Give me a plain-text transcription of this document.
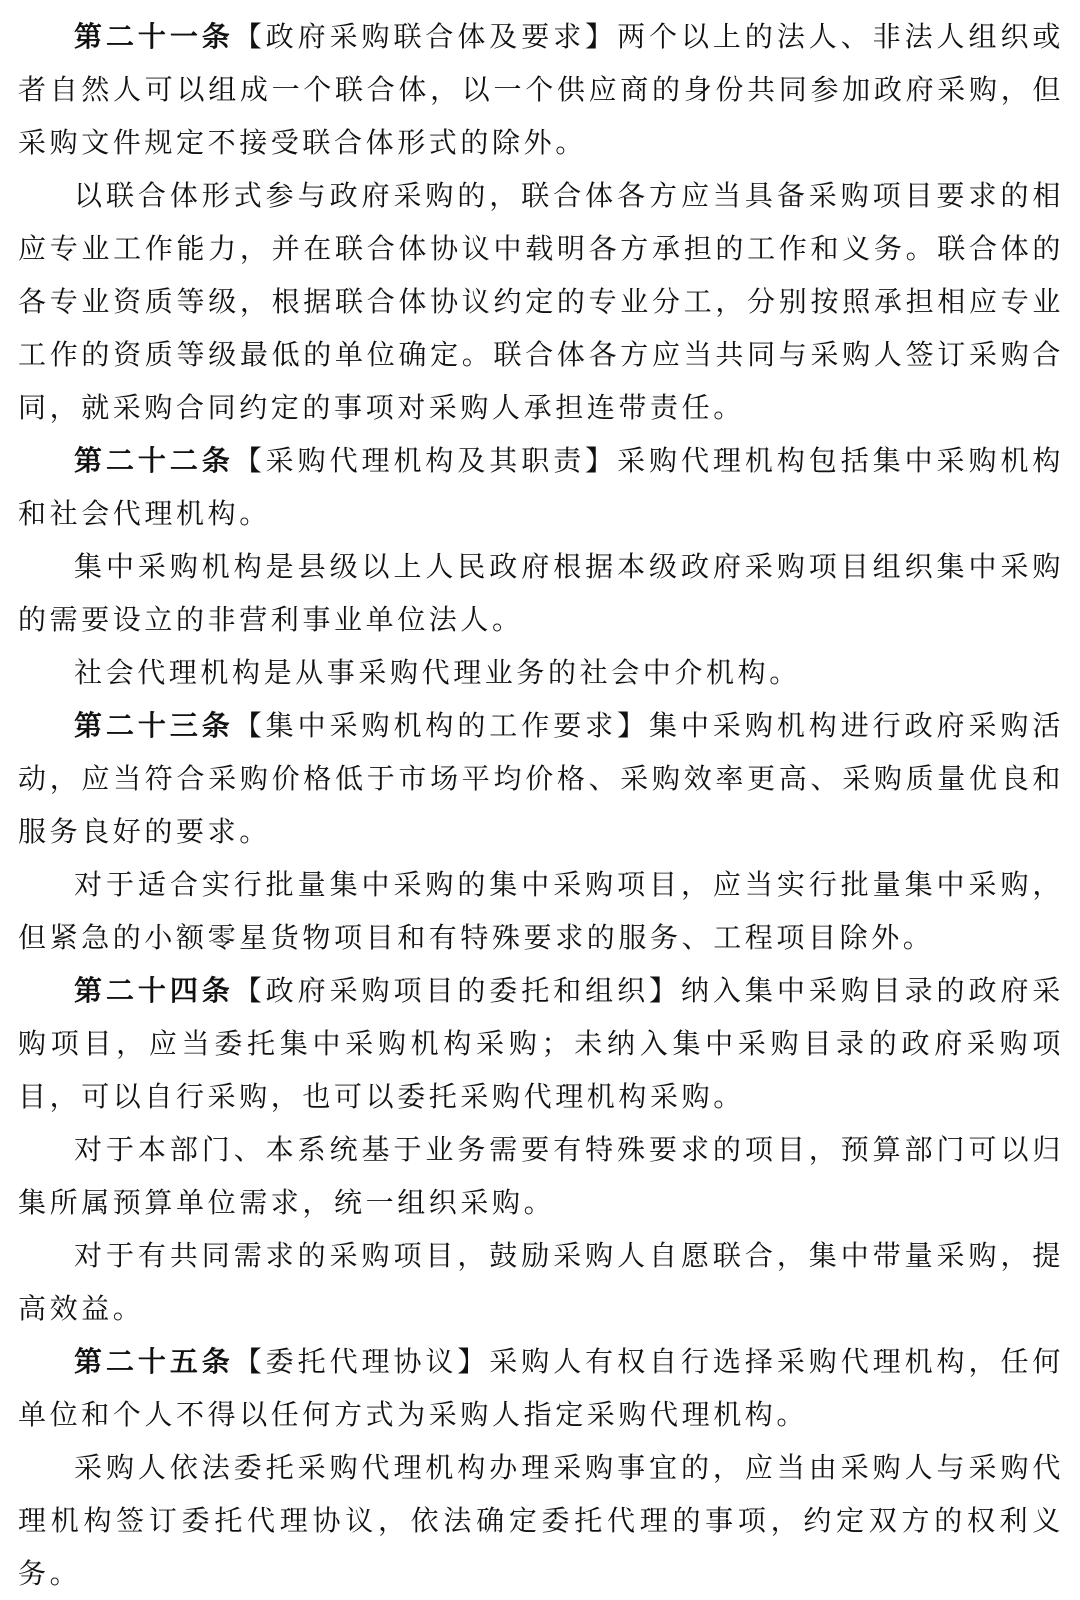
第二十一条【政府采购联合体及要求】两个以上的法人、非法人组织或者自然人可以组成一个联合体，以一个供应商的身份共同参加政府采购，但采购文件规定不接受联合体形式的除外。

以联合体形式参与政府采购的，联合体各方应当具备采购项目要求的相应专业工作能力，并在联合体协议中载明各方承担的工作和义务。联合体的各专业资质等级，根据联合体协议约定的专业分工，分别按照承担相应专业工作的资质等级最低的单位确定。联合体各方应当共同与采购人签订采购合同，就采购合同约定的事项对采购人承担连带责任。

第二十二条【采购代理机构及其职责】采购代理机构包括集中采购机构和社会代理机构。

集中采购机构是县级以上人民政府根据本级政府采购项目组织集中采购的需要设立的非营利事业单位法人。

社会代理机构是从事采购代理业务的社会中介机构。

第二十三条【集中采购机构的工作要求】集中采购机构进行政府采购活动，应当符合采购价格低于市场平均价格、采购效率更高、采购质量优良和服务良好的要求。

对于适合实行批量集中采购的集中采购项目，应当实行批量集中采购，但紧急的小额零星货物项目和有特殊要求的服务、工程项目除外。

第二十四条【政府采购项目的委托和组织】纳入集中采购目录的政府采购项目，应当委托集中采购机构采购；未纳入集中采购目录的政府采购项目，可以自行采购，也可以委托采购代理机构采购。

对于本部门、本系统基于业务需要有特殊要求的项目，预算部门可以归集所属预算单位需求，统一组织采购。

对于有共同需求的采购项目，鼓励采购人自愿联合，集中带量采购，提高效益。

第二十五条【委托代理协议】采购人有权自行选择采购代理机构，任何单位和个人不得以任何方式为采购人指定采购代理机构。

采购人依法委托采购代理机构办理采购事宜的，应当由采购人与采购代理机构签订委托代理协议，依法确定委托代理的事项，约定双方的权利义务。
